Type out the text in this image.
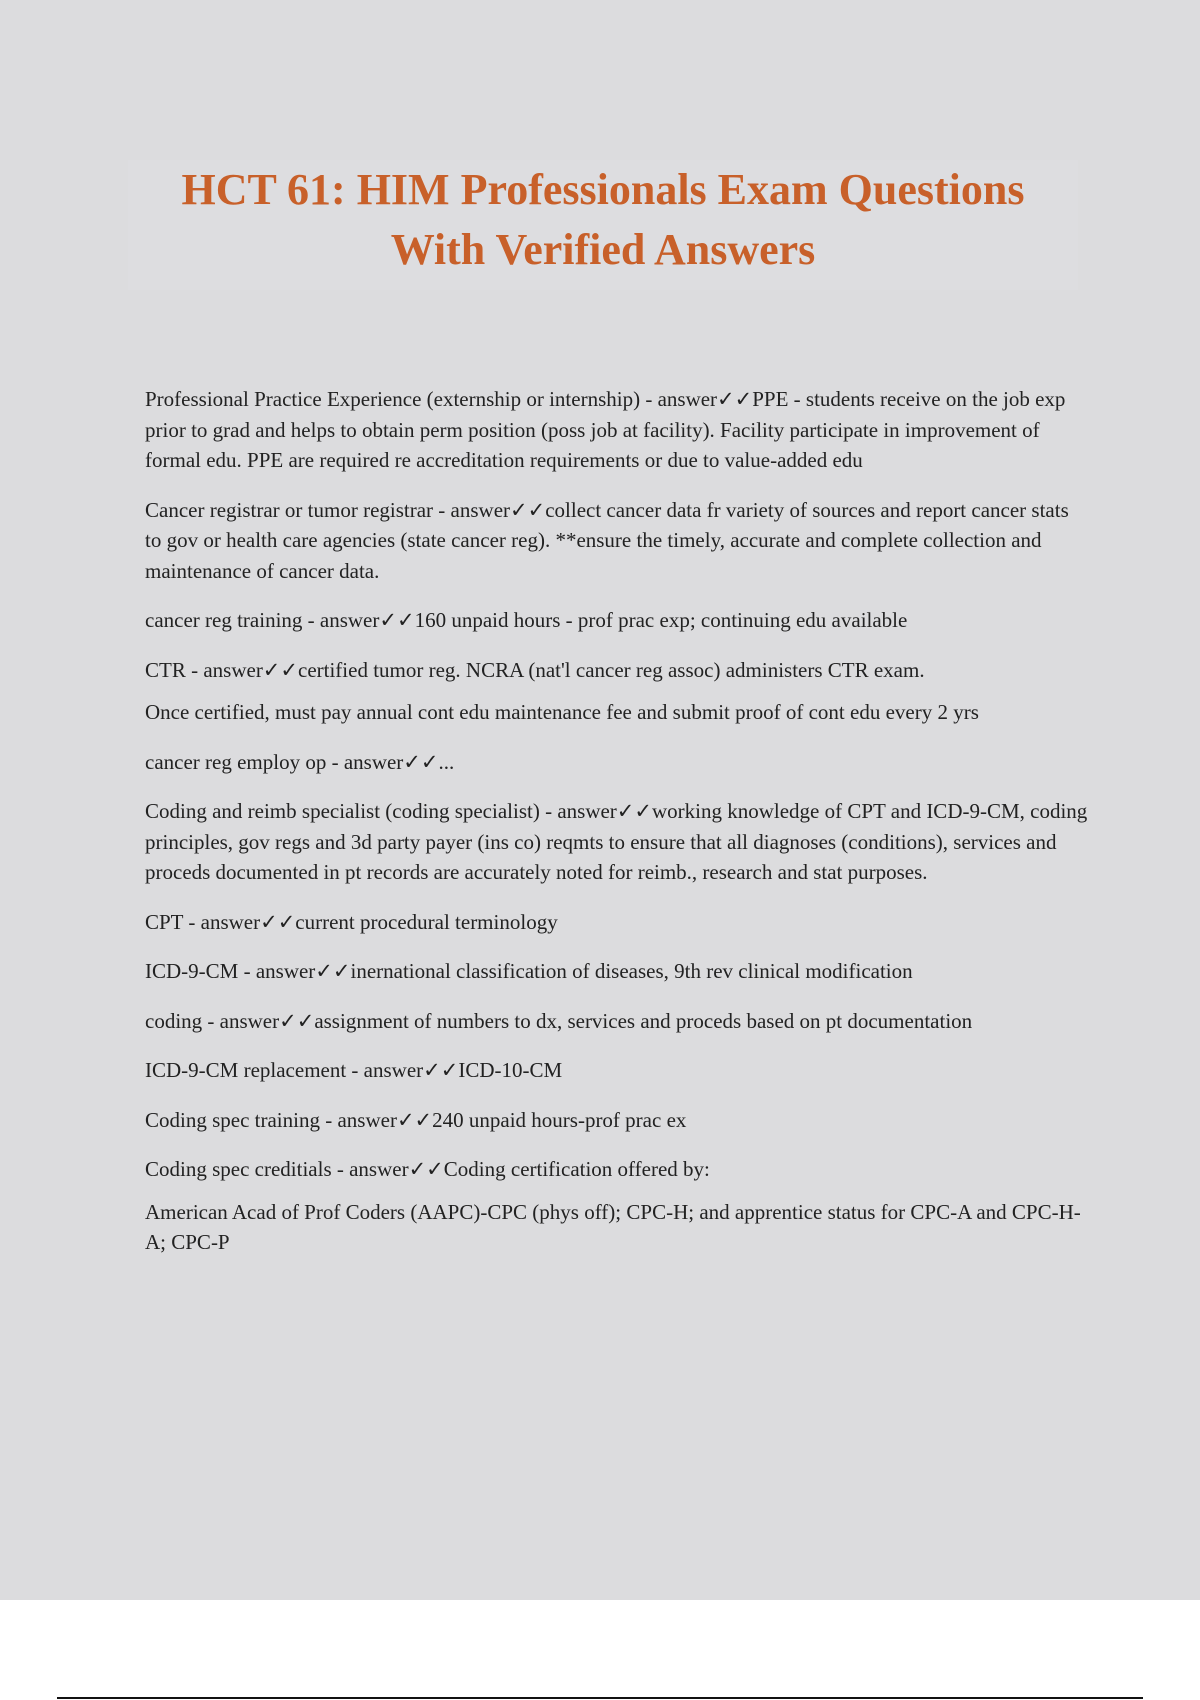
HCT 61: HIM Professionals Exam Questions

With Verified Answers

Professional Practice Experience (externship or internship) - answer✓✓PPE - students receive on the job exp prior to grad and helps to obtain perm position (poss job at facility). Facility participate in improvement of formal edu. PPE are required re accreditation requirements or due to value-added edu

Cancer registrar or tumor registrar - answer✓✓collect cancer data fr variety of sources and report cancer stats to gov or health care agencies (state cancer reg). **ensure the timely, accurate and complete collection and maintenance of cancer data.

cancer reg training - answer✓✓160 unpaid hours - prof prac exp; continuing edu available

CTR - answer✓✓certified tumor reg. NCRA (nat'l cancer reg assoc) administers CTR exam.

Once certified, must pay annual cont edu maintenance fee and submit proof of cont edu every 2 yrs

cancer reg employ op - answer✓✓...

Coding and reimb specialist (coding specialist) - answer✓✓working knowledge of CPT and ICD-9-CM, coding principles, gov regs and 3d party payer (ins co) reqmts to ensure that all diagnoses (conditions), services and proceds documented in pt records are accurately noted for reimb., research and stat purposes.

CPT - answer✓✓current procedural terminology

ICD-9-CM - answer✓✓inernational classification of diseases, 9th rev clinical modification

coding - answer✓✓assignment of numbers to dx, services and proceds based on pt documentation

ICD-9-CM replacement - answer✓✓ICD-10-CM

Coding spec training - answer✓✓240 unpaid hours-prof prac ex

Coding spec creditials - answer✓✓Coding certification offered by:

American Acad of Prof Coders (AAPC)-CPC (phys off); CPC-H; and apprentice status for CPC-A and CPC-H-A; CPC-P
